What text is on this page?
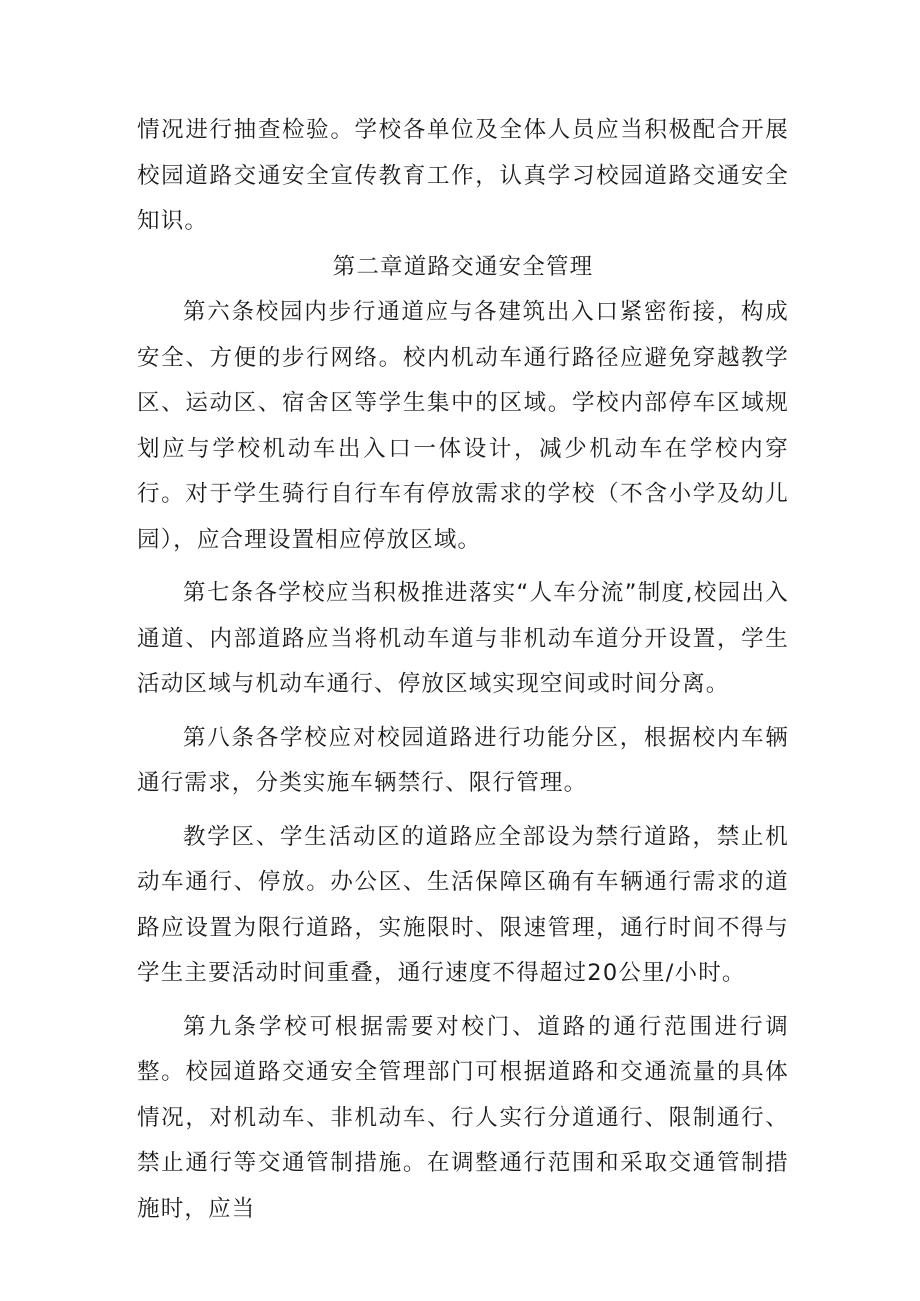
情况进行抽查检验。学校各单位及全体人员应当积极配合开展校园道路交通安全宣传教育工作，认真学习校园道路交通安全知识。

第二章道路交通安全管理

第六条校园内步行通道应与各建筑出入口紧密衔接，构成安全、方便的步行网络。校内机动车通行路径应避免穿越教学区、运动区、宿舍区等学生集中的区域。学校内部停车区域规划应与学校机动车出入口一体设计，减少机动车在学校内穿行。对于学生骑行自行车有停放需求的学校（不含小学及幼儿园），应合理设置相应停放区域。

第七条各学校应当积极推进落实“人车分流”制度,校园出入通道、内部道路应当将机动车道与非机动车道分开设置，学生活动区域与机动车通行、停放区域实现空间或时间分离。

第八条各学校应对校园道路进行功能分区，根据校内车辆通行需求，分类实施车辆禁行、限行管理。

教学区、学生活动区的道路应全部设为禁行道路，禁止机动车通行、停放。办公区、生活保障区确有车辆通行需求的道路应设置为限行道路，实施限时、限速管理，通行时间不得与学生主要活动时间重叠，通行速度不得超过20公里/小时。

第九条学校可根据需要对校门、道路的通行范围进行调整。校园道路交通安全管理部门可根据道路和交通流量的具体情况，对机动车、非机动车、行人实行分道通行、限制通行、禁止通行等交通管制措施。在调整通行范围和采取交通管制措施时，应当
